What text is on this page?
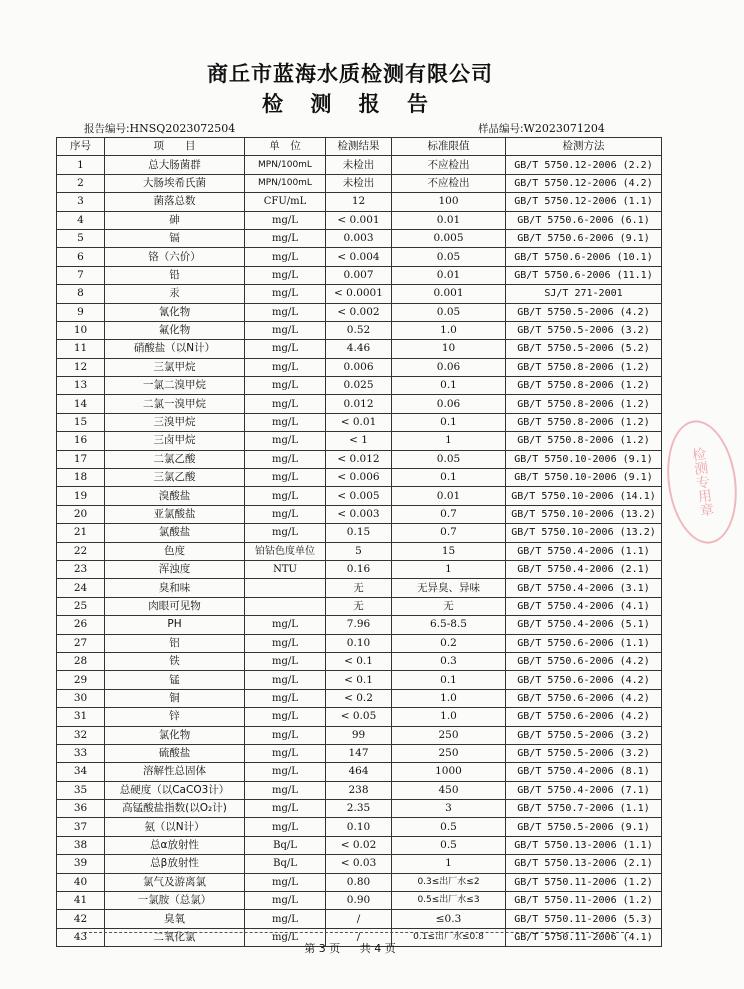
商丘市蓝海水质检测有限公司
检 测 报 告
报告编号:HNSQ2023072504	样品编号:W2023071204
序号	项　　目	单　位	检测结果	标准限值	检测方法
1	总大肠菌群	MPN/100mL	未检出	不应检出	GB/T 5750.12-2006 (2.2)
2	大肠埃希氏菌	MPN/100mL	未检出	不应检出	GB/T 5750.12-2006 (4.2)
3	菌落总数	CFU/mL	12	100	GB/T 5750.12-2006 (1.1)
4	砷	mg/L	< 0.001	0.01	GB/T 5750.6-2006 (6.1)
5	镉	mg/L	0.003	0.005	GB/T 5750.6-2006 (9.1)
6	铬（六价）	mg/L	< 0.004	0.05	GB/T 5750.6-2006 (10.1)
7	铅	mg/L	0.007	0.01	GB/T 5750.6-2006 (11.1)
8	汞	mg/L	< 0.0001	0.001	SJ/T 271-2001
9	氰化物	mg/L	< 0.002	0.05	GB/T 5750.5-2006 (4.2)
10	氟化物	mg/L	0.52	1.0	GB/T 5750.5-2006 (3.2)
11	硝酸盐（以N计）	mg/L	4.46	10	GB/T 5750.5-2006 (5.2)
12	三氯甲烷	mg/L	0.006	0.06	GB/T 5750.8-2006 (1.2)
13	一氯二溴甲烷	mg/L	0.025	0.1	GB/T 5750.8-2006 (1.2)
14	二氯一溴甲烷	mg/L	0.012	0.06	GB/T 5750.8-2006 (1.2)
15	三溴甲烷	mg/L	< 0.01	0.1	GB/T 5750.8-2006 (1.2)
16	三卤甲烷	mg/L	< 1	1	GB/T 5750.8-2006 (1.2)
17	二氯乙酸	mg/L	< 0.012	0.05	GB/T 5750.10-2006 (9.1)
18	三氯乙酸	mg/L	< 0.006	0.1	GB/T 5750.10-2006 (9.1)
19	溴酸盐	mg/L	< 0.005	0.01	GB/T 5750.10-2006 (14.1)
20	亚氯酸盐	mg/L	< 0.003	0.7	GB/T 5750.10-2006 (13.2)
21	氯酸盐	mg/L	0.15	0.7	GB/T 5750.10-2006 (13.2)
22	色度	铂钴色度单位	5	15	GB/T 5750.4-2006 (1.1)
23	浑浊度	NTU	0.16	1	GB/T 5750.4-2006 (2.1)
24	臭和味		无	无异臭、异味	GB/T 5750.4-2006 (3.1)
25	肉眼可见物		无	无	GB/T 5750.4-2006 (4.1)
26	PH	mg/L	7.96	6.5-8.5	GB/T 5750.4-2006 (5.1)
27	铝	mg/L	0.10	0.2	GB/T 5750.6-2006 (1.1)
28	铁	mg/L	< 0.1	0.3	GB/T 5750.6-2006 (4.2)
29	锰	mg/L	< 0.1	0.1	GB/T 5750.6-2006 (4.2)
30	铜	mg/L	< 0.2	1.0	GB/T 5750.6-2006 (4.2)
31	锌	mg/L	< 0.05	1.0	GB/T 5750.6-2006 (4.2)
32	氯化物	mg/L	99	250	GB/T 5750.5-2006 (3.2)
33	硫酸盐	mg/L	147	250	GB/T 5750.5-2006 (3.2)
34	溶解性总固体	mg/L	464	1000	GB/T 5750.4-2006 (8.1)
35	总硬度（以CaCO3计）	mg/L	238	450	GB/T 5750.4-2006 (7.1)
36	高锰酸盐指数(以O₂计)	mg/L	2.35	3	GB/T 5750.7-2006 (1.1)
37	氨（以N计）	mg/L	0.10	0.5	GB/T 5750.5-2006 (9.1)
38	总α放射性	Bq/L	< 0.02	0.5	GB/T 5750.13-2006 (1.1)
39	总β放射性	Bq/L	< 0.03	1	GB/T 5750.13-2006 (2.1)
40	氯气及游离氯	mg/L	0.80	0.3≤出厂水≤2	GB/T 5750.11-2006 (1.2)
41	一氯胺（总氯）	mg/L	0.90	0.5≤出厂水≤3	GB/T 5750.11-2006 (1.2)
42	臭氧	mg/L	/	≤0.3	GB/T 5750.11-2006 (5.3)
43	二氧化氯	mg/L	/	0.1≤出厂水≤0.8	GB/T 5750.11-2006 (4.1)
第 3 页 共 4 页
检测专用章
